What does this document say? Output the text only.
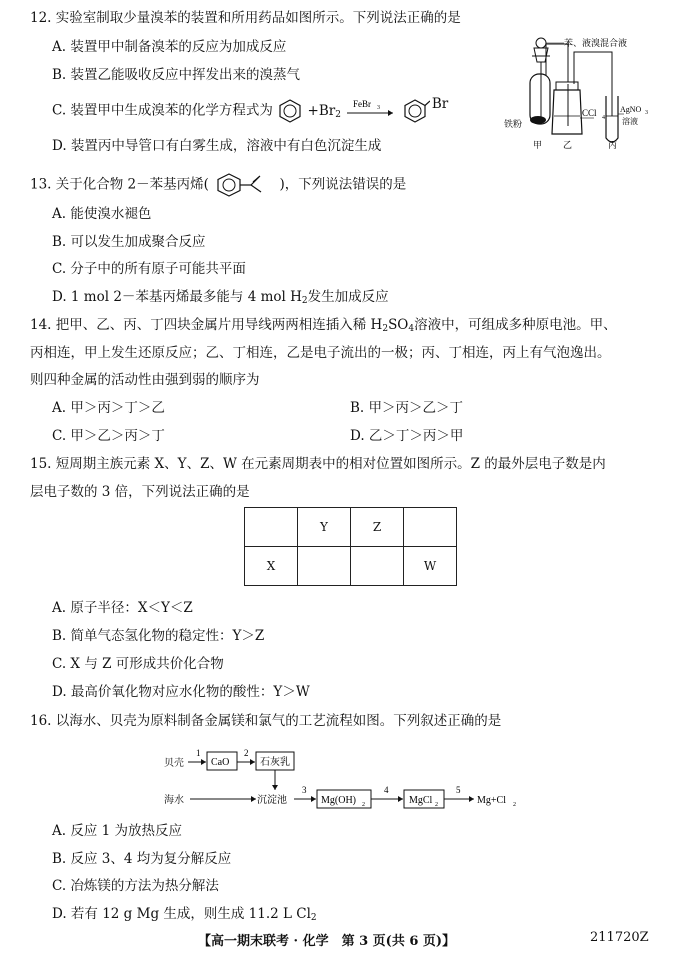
12. 实验室制取少量溴苯的装置和所用药品如图所示。下列说法正确的是
A. 装置甲中制备溴苯的反应为加成反应
B. 装置乙能吸收反应中挥发出来的溴蒸气
C. 装置甲中生成溴苯的化学方程式为	$+Br_2$
FeBr 3	Br
D. 装置丙中导管口有白雾生成，溶液中有白色沉淀生成
苯、液溴混合液
铁粉
CCl 4
AgNO 3
溶液
甲 乙	丙
13. 关于化合物 2－苯基丙烯(	)，下列说法错误的是
A. 能使溴水褪色
B. 可以发生加成聚合反应
C. 分子中的所有原子可能共平面
D. 1 mol 2－苯基丙烯最多能与 4 mol $H_2$发生加成反应
14. 把甲、乙、丙、丁四块金属片用导线两两相连插入稀 $H_2SO_4$溶液中，可组成多种原电池。甲、
丙相连，甲上发生还原反应；乙、丁相连，乙是电子流出的一极；丙、丁相连，丙上有气泡逸出。
则四种金属的活动性由强到弱的顺序为
A. 甲＞丙＞丁＞乙	B. 甲＞丙＞乙＞丁
C. 甲＞乙＞丙＞丁	D. 乙＞丁＞丙＞甲
15. 短周期主族元素 X、Y、Z、W 在元素周期表中的相对位置如图所示。Z 的最外层电子数是内
层电子数的 3 倍，下列说法正确的是
	Y	Z	
X			W
A. 原子半径：X＜Y＜Z
B. 简单气态氢化物的稳定性：Y＞Z
C. X 与 Z 可形成共价化合物
D. 最高价氧化物对应水化物的酸性：Y＞W
16. 以海水、贝壳为原料制备金属镁和氯气的工艺流程如图。下列叙述正确的是
贝壳
海水
1
CaO
2
石灰乳
沉淀池
3
Mg(OH) 2
4
MgCl 2
5
Mg+Cl 2
A. 反应 1 为放热反应
B. 反应 3、4 均为复分解反应
C. 冶炼镁的方法为热分解法
D. 若有 12 g Mg 生成，则生成 11.2 L $Cl_2$
【高一期末联考 · 化学　第 3 页(共 6 页)】	211720Z
